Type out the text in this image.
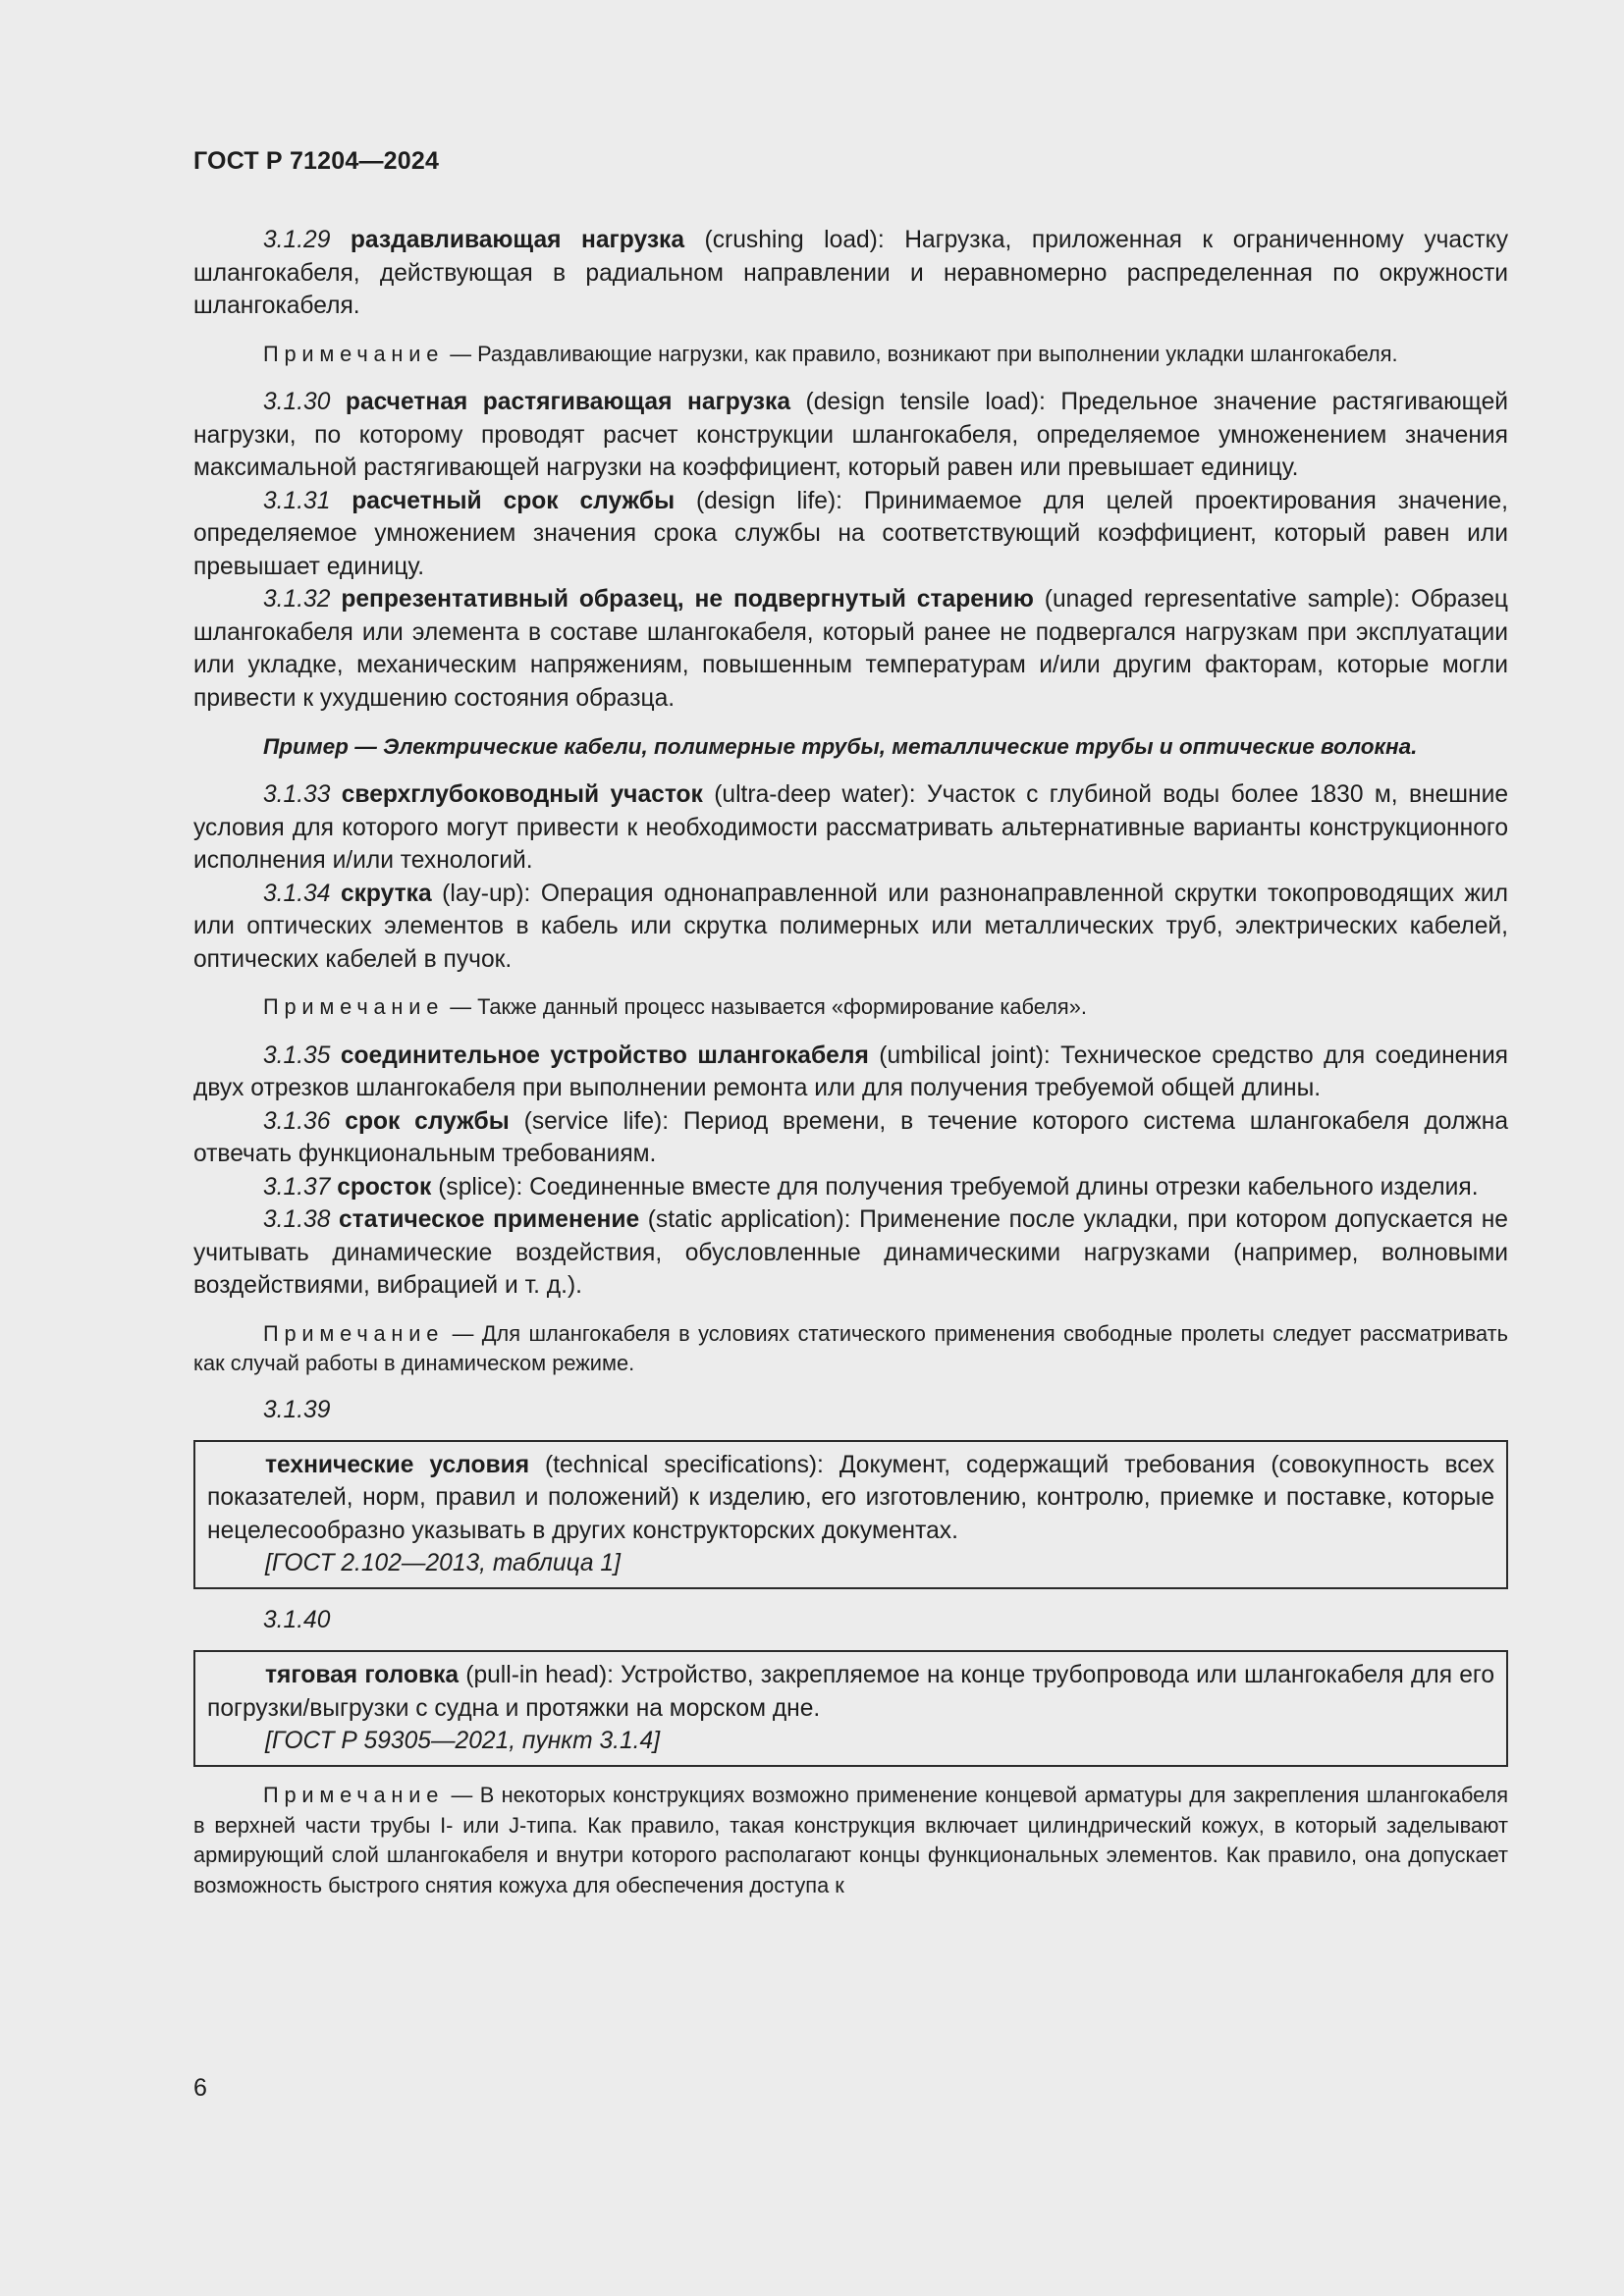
ГОСТ Р 71204—2024

3.1.29 раздавливающая нагрузка (crushing load): Нагрузка, приложенная к ограниченному участку шлангокабеля, действующая в радиальном направлении и неравномерно распределенная по окружности шлангокабеля.

Примечание — Раздавливающие нагрузки, как правило, возникают при выполнении укладки шлангокабеля.

3.1.30 расчетная растягивающая нагрузка (design tensile load): Предельное значение растягивающей нагрузки, по которому проводят расчет конструкции шлангокабеля, определяемое умноженением значения максимальной растягивающей нагрузки на коэффициент, который равен или превышает единицу.

3.1.31 расчетный срок службы (design life): Принимаемое для целей проектирования значение, определяемое умножением значения срока службы на соответствующий коэффициент, который равен или превышает единицу.

3.1.32 репрезентативный образец, не подвергнутый старению (unaged representative sample): Образец шлангокабеля или элемента в составе шлангокабеля, который ранее не подвергался нагрузкам при эксплуатации или укладке, механическим напряжениям, повышенным температурам и/или другим факторам, которые могли привести к ухудшению состояния образца.

Пример — Электрические кабели, полимерные трубы, металлические трубы и оптические волокна.

3.1.33 сверхглубоководный участок (ultra-deep water): Участок с глубиной воды более 1830 м, внешние условия для которого могут привести к необходимости рассматривать альтернативные варианты конструкционного исполнения и/или технологий.

3.1.34 скрутка (lay-up): Операция однонаправленной или разнонаправленной скрутки токопроводящих жил или оптических элементов в кабель или скрутка полимерных или металлических труб, электрических кабелей, оптических кабелей в пучок.

Примечание — Также данный процесс называется «формирование кабеля».

3.1.35 соединительное устройство шлангокабеля (umbilical joint): Техническое средство для соединения двух отрезков шлангокабеля при выполнении ремонта или для получения требуемой общей длины.

3.1.36 срок службы (service life): Период времени, в течение которого система шлангокабеля должна отвечать функциональным требованиям.

3.1.37 сросток (splice): Соединенные вместе для получения требуемой длины отрезки кабельного изделия.

3.1.38 статическое применение (static application): Применение после укладки, при котором допускается не учитывать динамические воздействия, обусловленные динамическими нагрузками (например, волновыми воздействиями, вибрацией и т. д.).

Примечание — Для шлангокабеля в условиях статического применения свободные пролеты следует рассматривать как случай работы в динамическом режиме.

3.1.39

технические условия (technical specifications): Документ, содержащий требования (совокупность всех показателей, норм, правил и положений) к изделию, его изготовлению, контролю, приемке и поставке, которые нецелесообразно указывать в других конструкторских документах.

[ГОСТ 2.102—2013, таблица 1]

3.1.40

тяговая головка (pull-in head): Устройство, закрепляемое на конце трубопровода или шлангокабеля для его погрузки/выгрузки с судна и протяжки на морском дне.

[ГОСТ Р 59305—2021, пункт 3.1.4]

Примечание — В некоторых конструкциях возможно применение концевой арматуры для закрепления шлангокабеля в верхней части трубы I- или J-типа. Как правило, такая конструкция включает цилиндрический кожух, в который заделывают армирующий слой шлангокабеля и внутри которого располагают концы функциональных элементов. Как правило, она допускает возможность быстрого снятия кожуха для обеспечения доступа к

6
